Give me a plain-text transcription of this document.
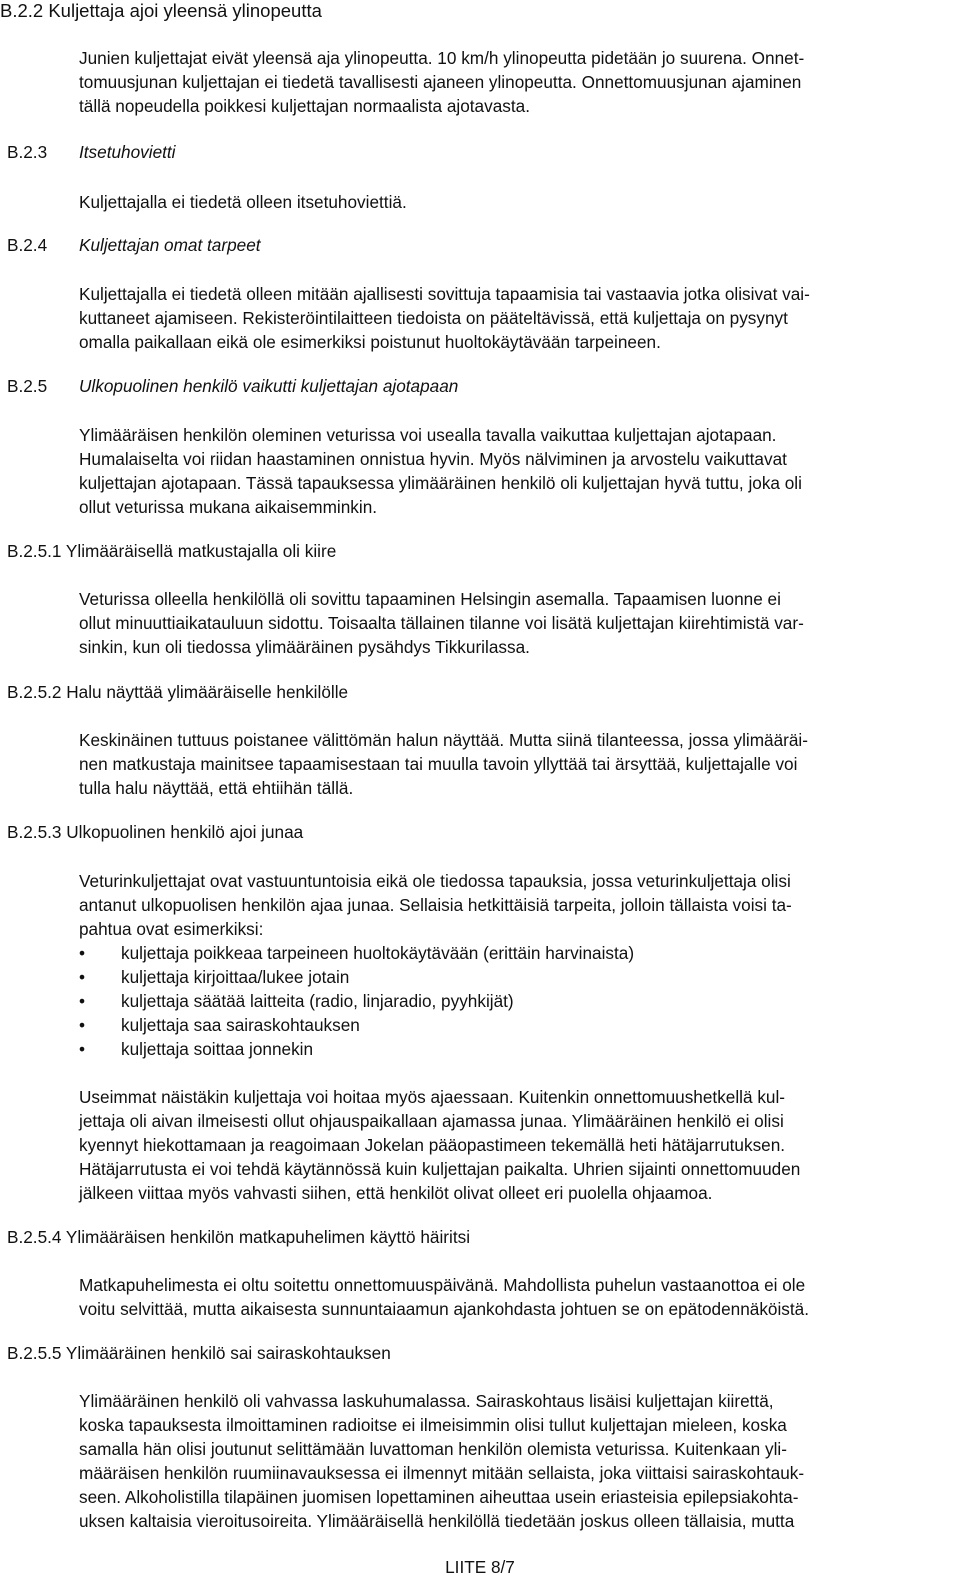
B.2.2 Kuljettaja ajoi yleensä ylinopeutta
Junien kuljettajat eivät yleensä aja ylinopeutta. 10 km/h ylinopeutta pidetään jo suurena. Onnet-
tomuusjunan kuljettajan ei tiedetä tavallisesti ajaneen ylinopeutta. Onnettomuusjunan ajaminen
tällä nopeudella poikkesi kuljettajan normaalista ajotavasta.
B.2.3 Itsetuhovietti
Kuljettajalla ei tiedetä olleen itsetuhoviettiä.
B.2.4 Kuljettajan omat tarpeet
Kuljettajalla ei tiedetä olleen mitään ajallisesti sovittuja tapaamisia tai vastaavia jotka olisivat vai-
kuttaneet ajamiseen. Rekisteröintilaitteen tiedoista on pääteltävissä, että kuljettaja on pysynyt
omalla paikallaan eikä ole esimerkiksi poistunut huoltokäytävään tarpeineen.
B.2.5 Ulkopuolinen henkilö vaikutti kuljettajan ajotapaan
Ylimääräisen henkilön oleminen veturissa voi usealla tavalla vaikuttaa kuljettajan ajotapaan.
Humalaiselta voi riidan haastaminen onnistua hyvin. Myös nälviminen ja arvostelu vaikuttavat
kuljettajan ajotapaan. Tässä tapauksessa ylimääräinen henkilö oli kuljettajan hyvä tuttu, joka oli
ollut veturissa mukana aikaisemminkin.
B.2.5.1 Ylimääräisellä matkustajalla oli kiire
Veturissa olleella henkilöllä oli sovittu tapaaminen Helsingin asemalla. Tapaamisen luonne ei
ollut minuuttiaikatauluun sidottu. Toisaalta tällainen tilanne voi lisätä kuljettajan kiirehtimistä var-
sinkin, kun oli tiedossa ylimääräinen pysähdys Tikkurilassa.
B.2.5.2 Halu näyttää ylimääräiselle henkilölle
Keskinäinen tuttuus poistanee välittömän halun näyttää. Mutta siinä tilanteessa, jossa ylimääräi-
nen matkustaja mainitsee tapaamisestaan tai muulla tavoin yllyttää tai ärsyttää, kuljettajalle voi
tulla halu näyttää, että ehtiihän tällä.
B.2.5.3 Ulkopuolinen henkilö ajoi junaa
Veturinkuljettajat ovat vastuuntuntoisia eikä ole tiedossa tapauksia, jossa veturinkuljettaja olisi
antanut ulkopuolisen henkilön ajaa junaa. Sellaisia hetkittäisiä tarpeita, jolloin tällaista voisi ta-
pahtua ovat esimerkiksi:
• kuljettaja poikkeaa tarpeineen huoltokäytävään (erittäin harvinaista)
• kuljettaja kirjoittaa/lukee jotain
• kuljettaja säätää laitteita (radio, linjaradio, pyyhkijät)
• kuljettaja saa sairaskohtauksen
• kuljettaja soittaa jonnekin
Useimmat näistäkin kuljettaja voi hoitaa myös ajaessaan. Kuitenkin onnettomuushetkellä kul-
jettaja oli aivan ilmeisesti ollut ohjauspaikallaan ajamassa junaa. Ylimääräinen henkilö ei olisi
kyennyt hiekottamaan ja reagoimaan Jokelan pääopastimeen tekemällä heti hätäjarrutuksen.
Hätäjarrutusta ei voi tehdä käytännössä kuin kuljettajan paikalta. Uhrien sijainti onnettomuuden
jälkeen viittaa myös vahvasti siihen, että henkilöt olivat olleet eri puolella ohjaamoa.
B.2.5.4 Ylimääräisen henkilön matkapuhelimen käyttö häiritsi
Matkapuhelimesta ei oltu soitettu onnettomuuspäivänä. Mahdollista puhelun vastaanottoa ei ole
voitu selvittää, mutta aikaisesta sunnuntaiaamun ajankohdasta johtuen se on epätodennäköistä.
B.2.5.5 Ylimääräinen henkilö sai sairaskohtauksen
Ylimääräinen henkilö oli vahvassa laskuhumalassa. Sairaskohtaus lisäisi kuljettajan kiirettä,
koska tapauksesta ilmoittaminen radioitse ei ilmeisimmin olisi tullut kuljettajan mieleen, koska
samalla hän olisi joutunut selittämään luvattoman henkilön olemista veturissa. Kuitenkaan yli-
määräisen henkilön ruumiinavauksessa ei ilmennyt mitään sellaista, joka viittaisi sairaskohtauk-
seen. Alkoholistilla tilapäinen juomisen lopettaminen aiheuttaa usein eriasteisia epilepsiakohta-
uksen kaltaisia vieroitusoireita. Ylimääräisellä henkilöllä tiedetään joskus olleen tällaisia, mutta
LIITE 8/7
